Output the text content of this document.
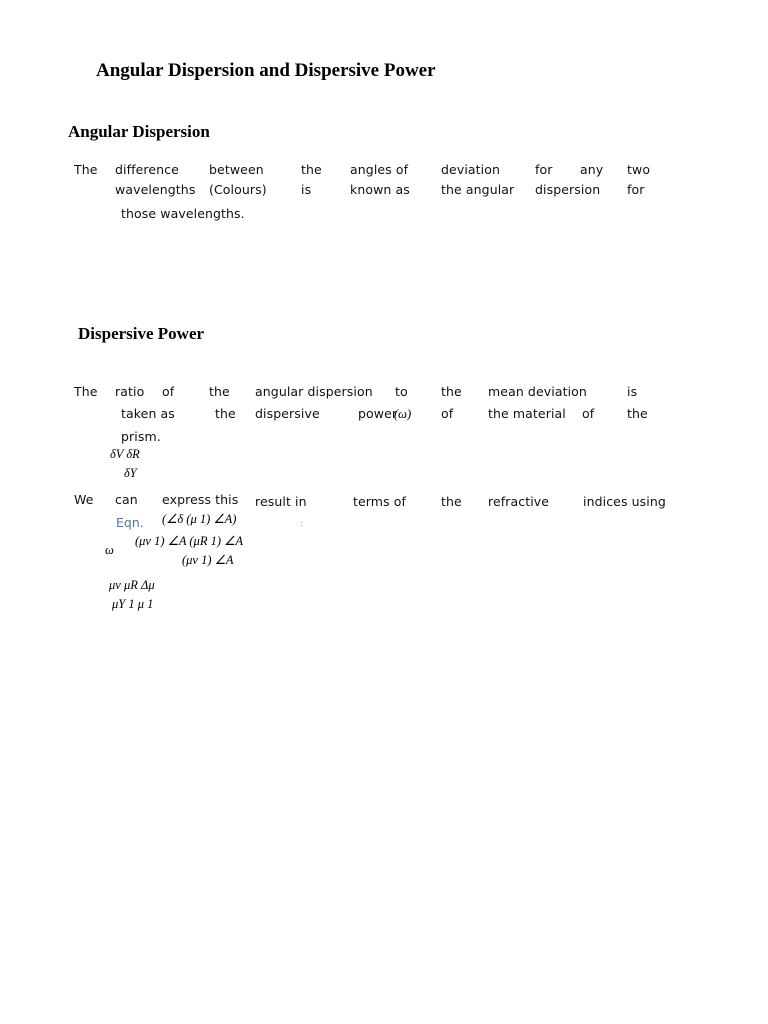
Angular Dispersion and Dispersive Power
Angular Dispersion
The difference between	the angles of	deviation	for any two
wavelengths (Colours)	is	known as the angular dispersion for
those wavelengths.
Dispersive Power
The ratio of	the angular dispersion to	the mean deviation	is
taken as	the dispersive	power
(ω) of	the material of	the
prism.
δV δR
δY
We can express this result in	terms of	the refractive	indices using
Eqn. (∠δ (μ 1) ∠A)	:
ω
(μv 1) ∠A (μR 1) ∠A
(μv 1) ∠A
μv μR Δμ
μY 1 μ 1
